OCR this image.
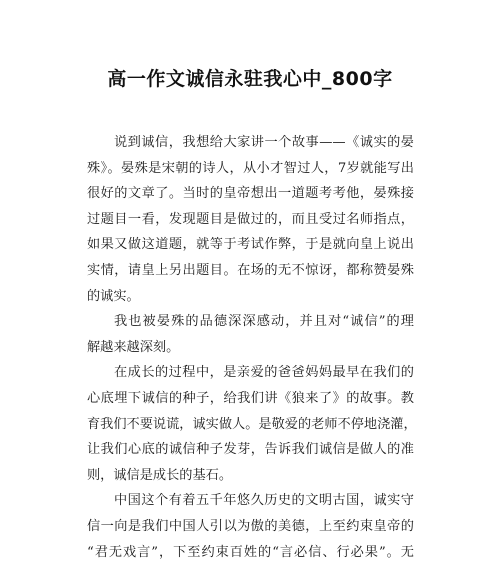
高一作文诚信永驻我心中_800字
说到诚信，我想给大家讲一个故事——《诚实的晏
殊》。晏殊是宋朝的诗人，从小才智过人，7岁就能写出
很好的文章了。当时的皇帝想出一道题考考他，晏殊接
过题目一看，发现题目是做过的，而且受过名师指点，
如果又做这道题，就等于考试作弊，于是就向皇上说出
实情，请皇上另出题目。在场的无不惊讶，都称赞晏殊
的诚实。
我也被晏殊的品德深深感动，并且对“诚信”的理
解越来越深刻。
在成长的过程中，是亲爱的爸爸妈妈最早在我们的
心底埋下诚信的种子，给我们讲《狼来了》的故事。教
育我们不要说谎，诚实做人。是敬爱的老师不停地浇灌，
让我们心底的诚信种子发芽，告诉我们诚信是做人的准
则，诚信是成长的基石。
中国这个有着五千年悠久历史的文明古国，诚实守
信一向是我们中国人引以为傲的美德，上至约束皇帝的
“君无戏言”，下至约束百姓的“言必信、行必果”。无
